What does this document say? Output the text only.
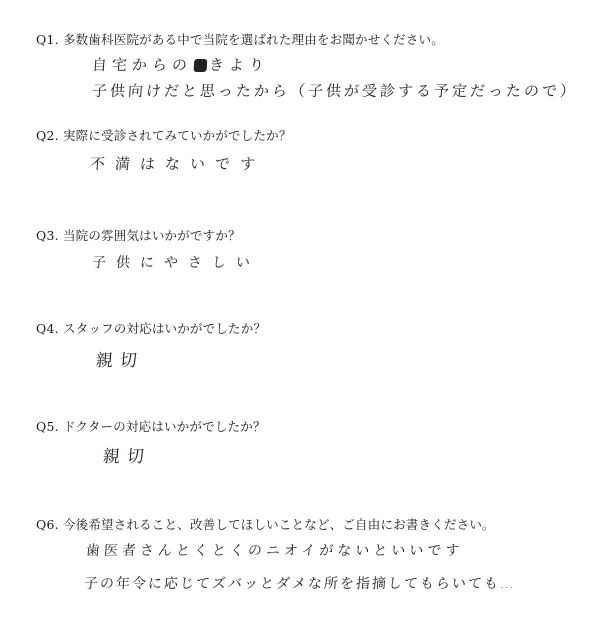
Q1. 多数歯科医院がある中で当院を選ばれた理由をお聞かせください。
自宅からの きより
子供向けだと思ったから（子供が受診する予定だったので）
Q2. 実際に受診されてみていかがでしたか？
不満はないです
Q3. 当院の雰囲気はいかがですか？
子供にやさしい
Q4. スタッフの対応はいかがでしたか？
親切
Q5. ドクターの対応はいかがでしたか？
親切
Q6. 今後希望されること、改善してほしいことなど、ご自由にお書きください。
歯医者さんとくとくのニオイがないといいです
子の年令に応じてズバッとダメな所を指摘してもらいても…
